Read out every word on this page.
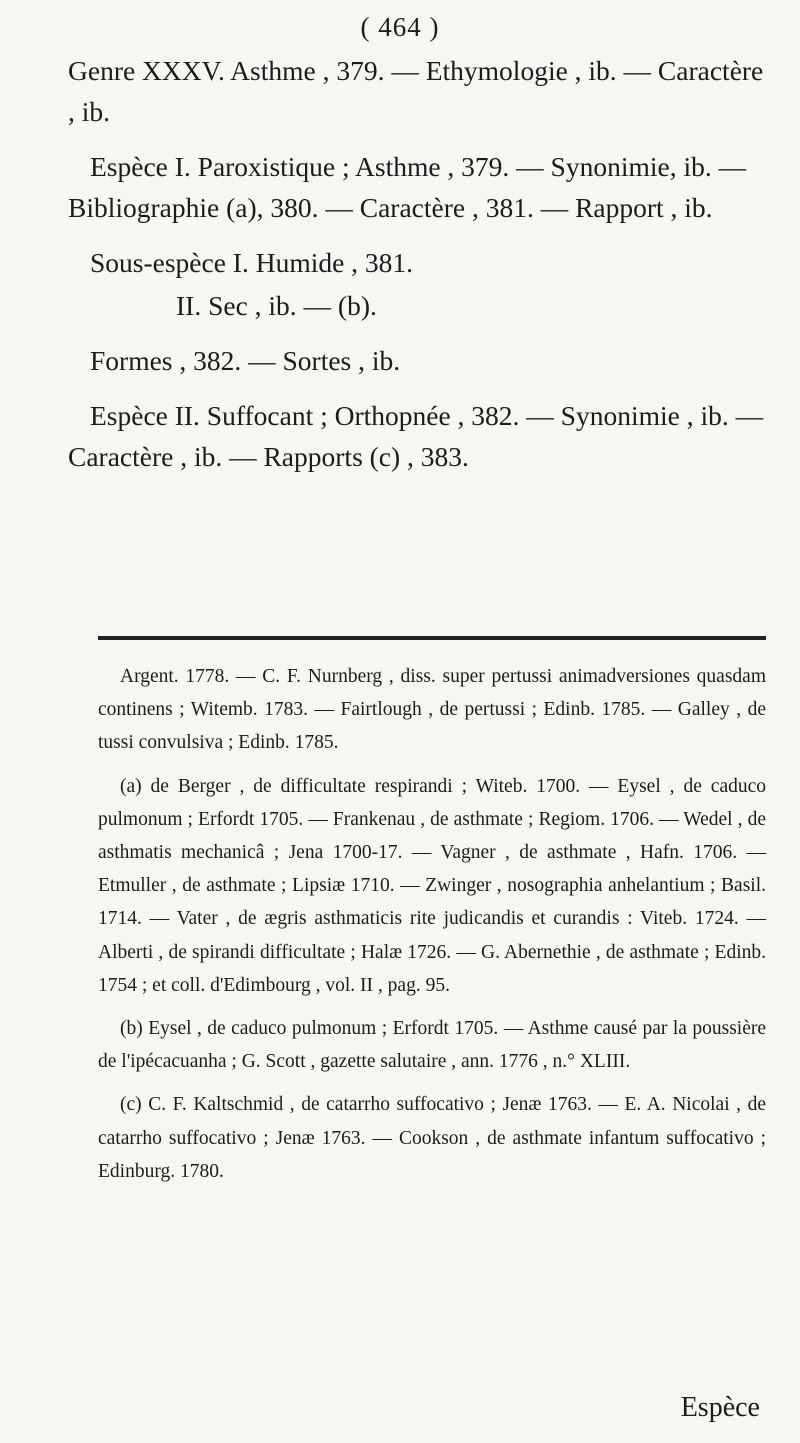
( 464 )

Genre XXXV. Asthme , 379. — Ethymologie , ib. — Caractère , ib.

Espèce I. Paroxistique ; Asthme , 379. — Synonimie, ib. — Bibliographie (a), 380. — Caractère , 381. — Rapport , ib.

Sous-espèce I. Humide , 381.

II. Sec , ib. — (b).

Formes , 382. — Sortes , ib.

Espèce II. Suffocant ; Orthopnée , 382. — Synonimie , ib. — Caractère , ib. — Rapports (c) , 383.

Argent. 1778. — C. F. Nurnberg , diss. super pertussi animadversiones quasdam continens ; Witemb. 1783. — Fairtlough , de pertussi ; Edinb. 1785. — Galley , de tussi convulsiva ; Edinb. 1785.

(a) de Berger , de difficultate respirandi ; Witeb. 1700. — Eysel , de caduco pulmonum ; Erfordt 1705. — Frankenau , de asthmate ; Regiom. 1706. — Wedel , de asthmatis mechanicâ ; Jena 1700-17. — Vagner , de asthmate , Hafn. 1706. — Etmuller , de asthmate ; Lipsiæ 1710. — Zwinger , nosographia anhelantium ; Basil. 1714. — Vater , de ægris asthmaticis rite judicandis et curandis : Viteb. 1724. — Alberti , de spirandi difficultate ; Halæ 1726. — G. Abernethie , de asthmate ; Edinb. 1754 ; et coll. d'Edimbourg , vol. II , pag. 95.

(b) Eysel , de caduco pulmonum ; Erfordt 1705. — Asthme causé par la poussière de l'ipécacuanha ; G. Scott , gazette salutaire , ann. 1776 , n.° XLIII.

(c) C. F. Kaltschmid , de catarrho suffocativo ; Jenæ 1763. — E. A. Nicolai , de catarrho suffocativo ; Jenæ 1763. — Cookson , de asthmate infantum suffocativo ; Edinburg. 1780.

Espèce
